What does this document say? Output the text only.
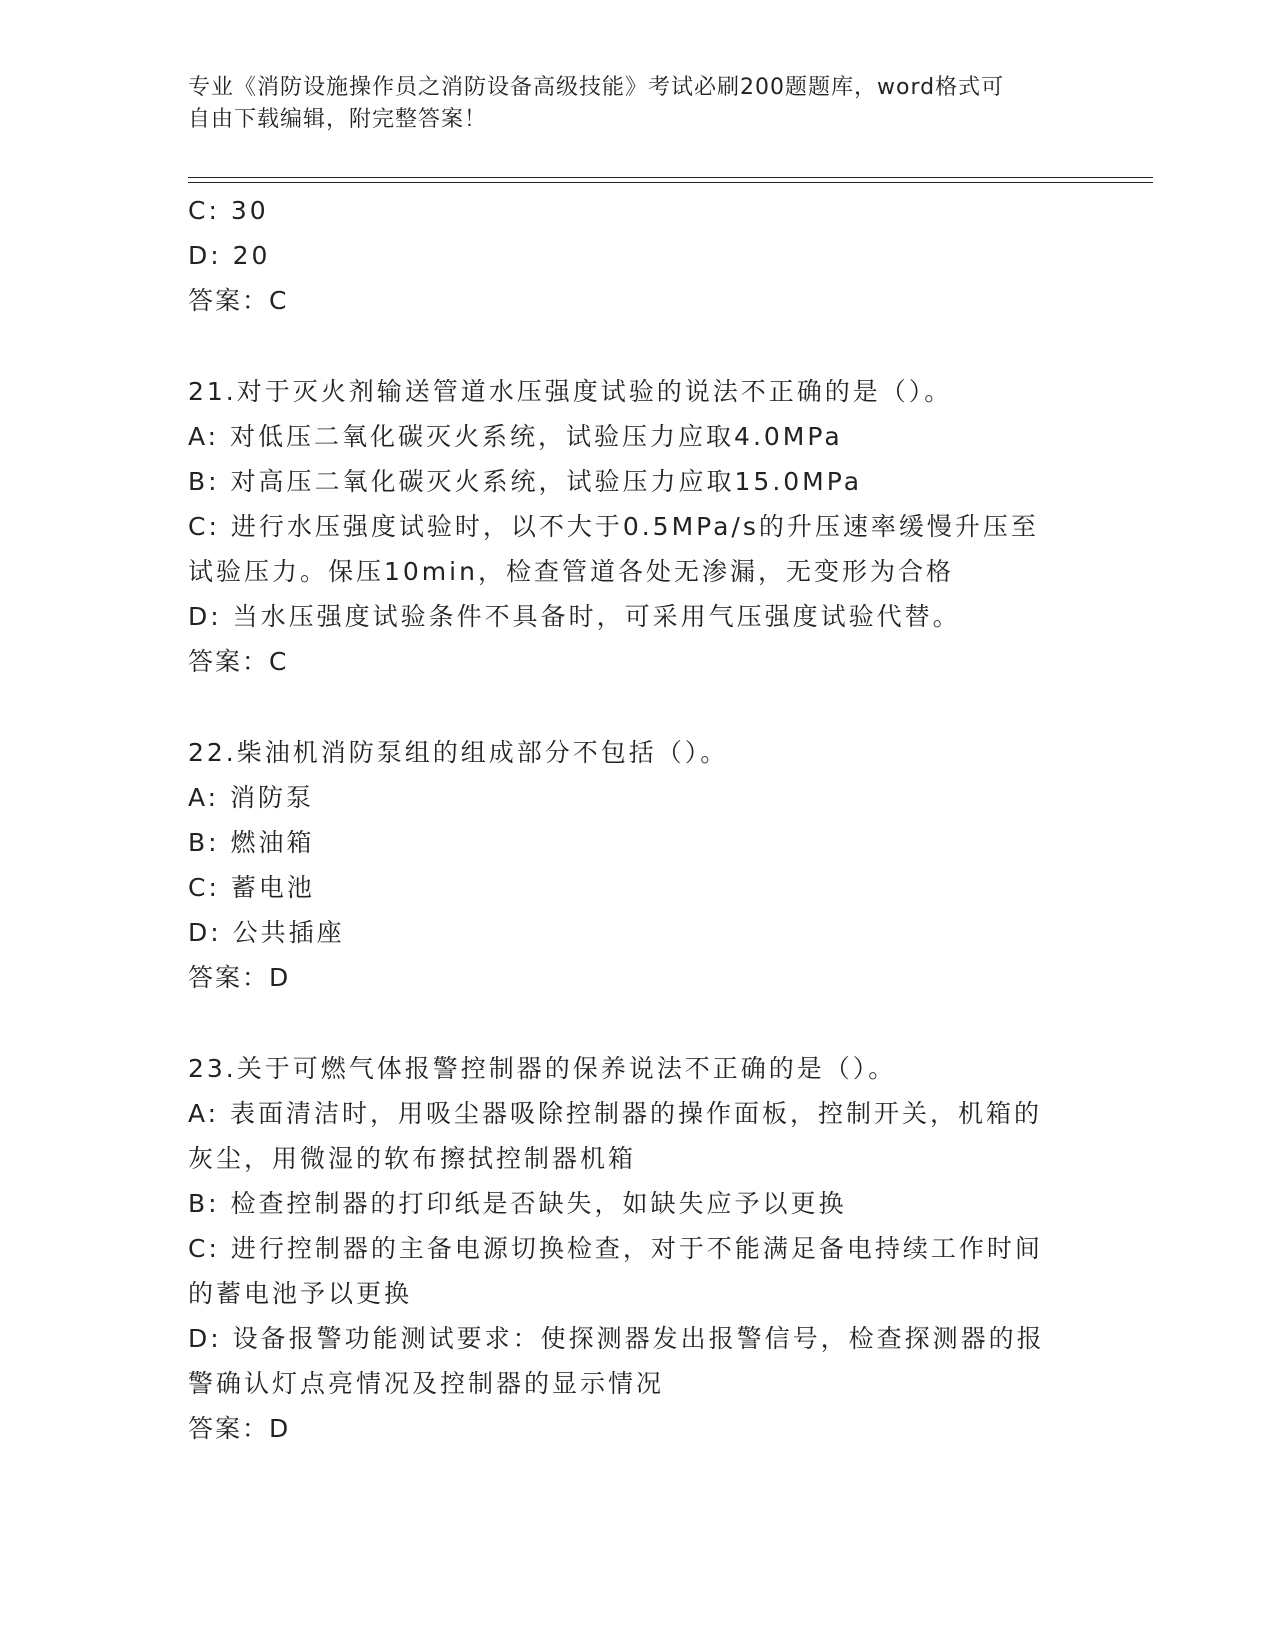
专业《消防设施操作员之消防设备高级技能》考试必刷200题题库，word格式可
自由下载编辑，附完整答案！
C: 30
D: 20
答案：C
21.对于灭火剂输送管道水压强度试验的说法不正确的是（）。
A: 对低压二氧化碳灭火系统，试验压力应取4.0MPa
B: 对高压二氧化碳灭火系统，试验压力应取15.0MPa
C: 进行水压强度试验时，以不大于0.5MPa/s的升压速率缓慢升压至
试验压力。保压10min，检查管道各处无渗漏，无变形为合格
D: 当水压强度试验条件不具备时，可采用气压强度试验代替。
答案：C
22.柴油机消防泵组的组成部分不包括（）。
A: 消防泵
B: 燃油箱
C: 蓄电池
D: 公共插座
答案：D
23.关于可燃气体报警控制器的保养说法不正确的是（）。
A: 表面清洁时，用吸尘器吸除控制器的操作面板，控制开关，机箱的
灰尘，用微湿的软布擦拭控制器机箱
B: 检查控制器的打印纸是否缺失，如缺失应予以更换
C: 进行控制器的主备电源切换检查，对于不能满足备电持续工作时间
的蓄电池予以更换
D: 设备报警功能测试要求：使探测器发出报警信号，检查探测器的报
警确认灯点亮情况及控制器的显示情况
答案：D
